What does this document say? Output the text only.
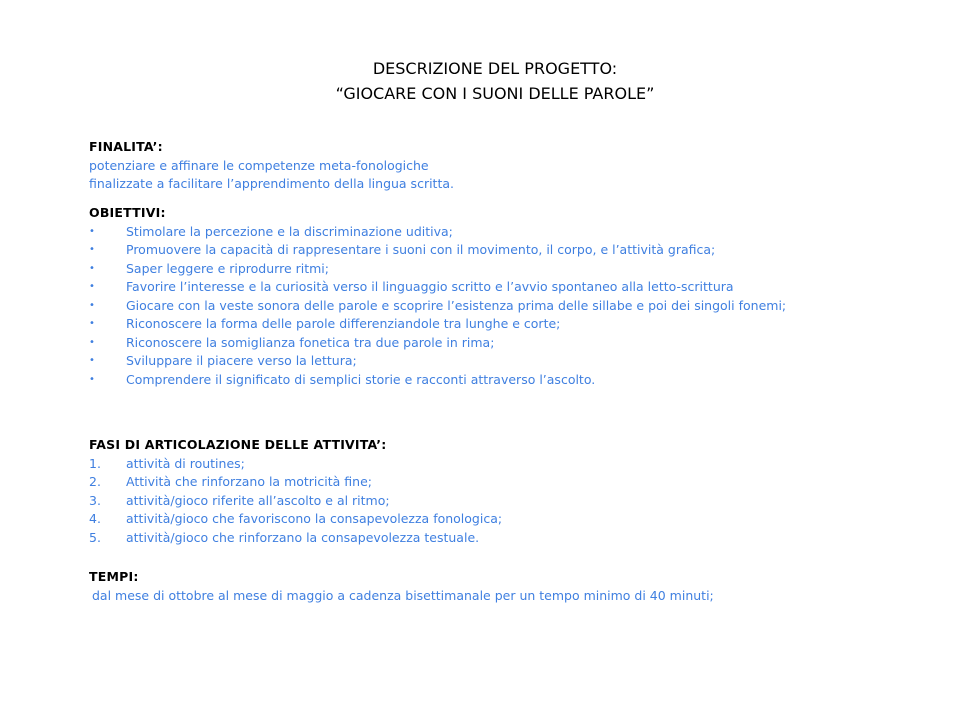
DESCRIZIONE DEL PROGETTO:
“GIOCARE CON I SUONI DELLE PAROLE”
FINALITA’:
potenziare e affinare le competenze meta-fonologiche
finalizzate a facilitare l’apprendimento della lingua scritta.
OBIETTIVI:
• Stimolare la percezione e la discriminazione uditiva;
• Promuovere la capacità di rappresentare i suoni con il movimento, il corpo, e l’attività grafica;
• Saper leggere e riprodurre ritmi;
• Favorire l’interesse e la curiosità verso il linguaggio scritto e l’avvio spontaneo alla letto-scrittura
• Giocare con la veste sonora delle parole e scoprire l’esistenza prima delle sillabe e poi dei singoli fonemi;
• Riconoscere la forma delle parole differenziandole tra lunghe e corte;
• Riconoscere la somiglianza fonetica tra due parole in rima;
• Sviluppare il piacere verso la lettura;
• Comprendere il significato di semplici storie e racconti attraverso l’ascolto.
FASI DI ARTICOLAZIONE DELLE ATTIVITA’:
1. attività di routines;
2. Attività che rinforzano la motricità fine;
3. attività/gioco riferite all’ascolto e al ritmo;
4. attività/gioco che favoriscono la consapevolezza fonologica;
5. attività/gioco che rinforzano la consapevolezza testuale.
TEMPI:
dal mese di ottobre al mese di maggio a cadenza bisettimanale per un tempo minimo di 40 minuti;
